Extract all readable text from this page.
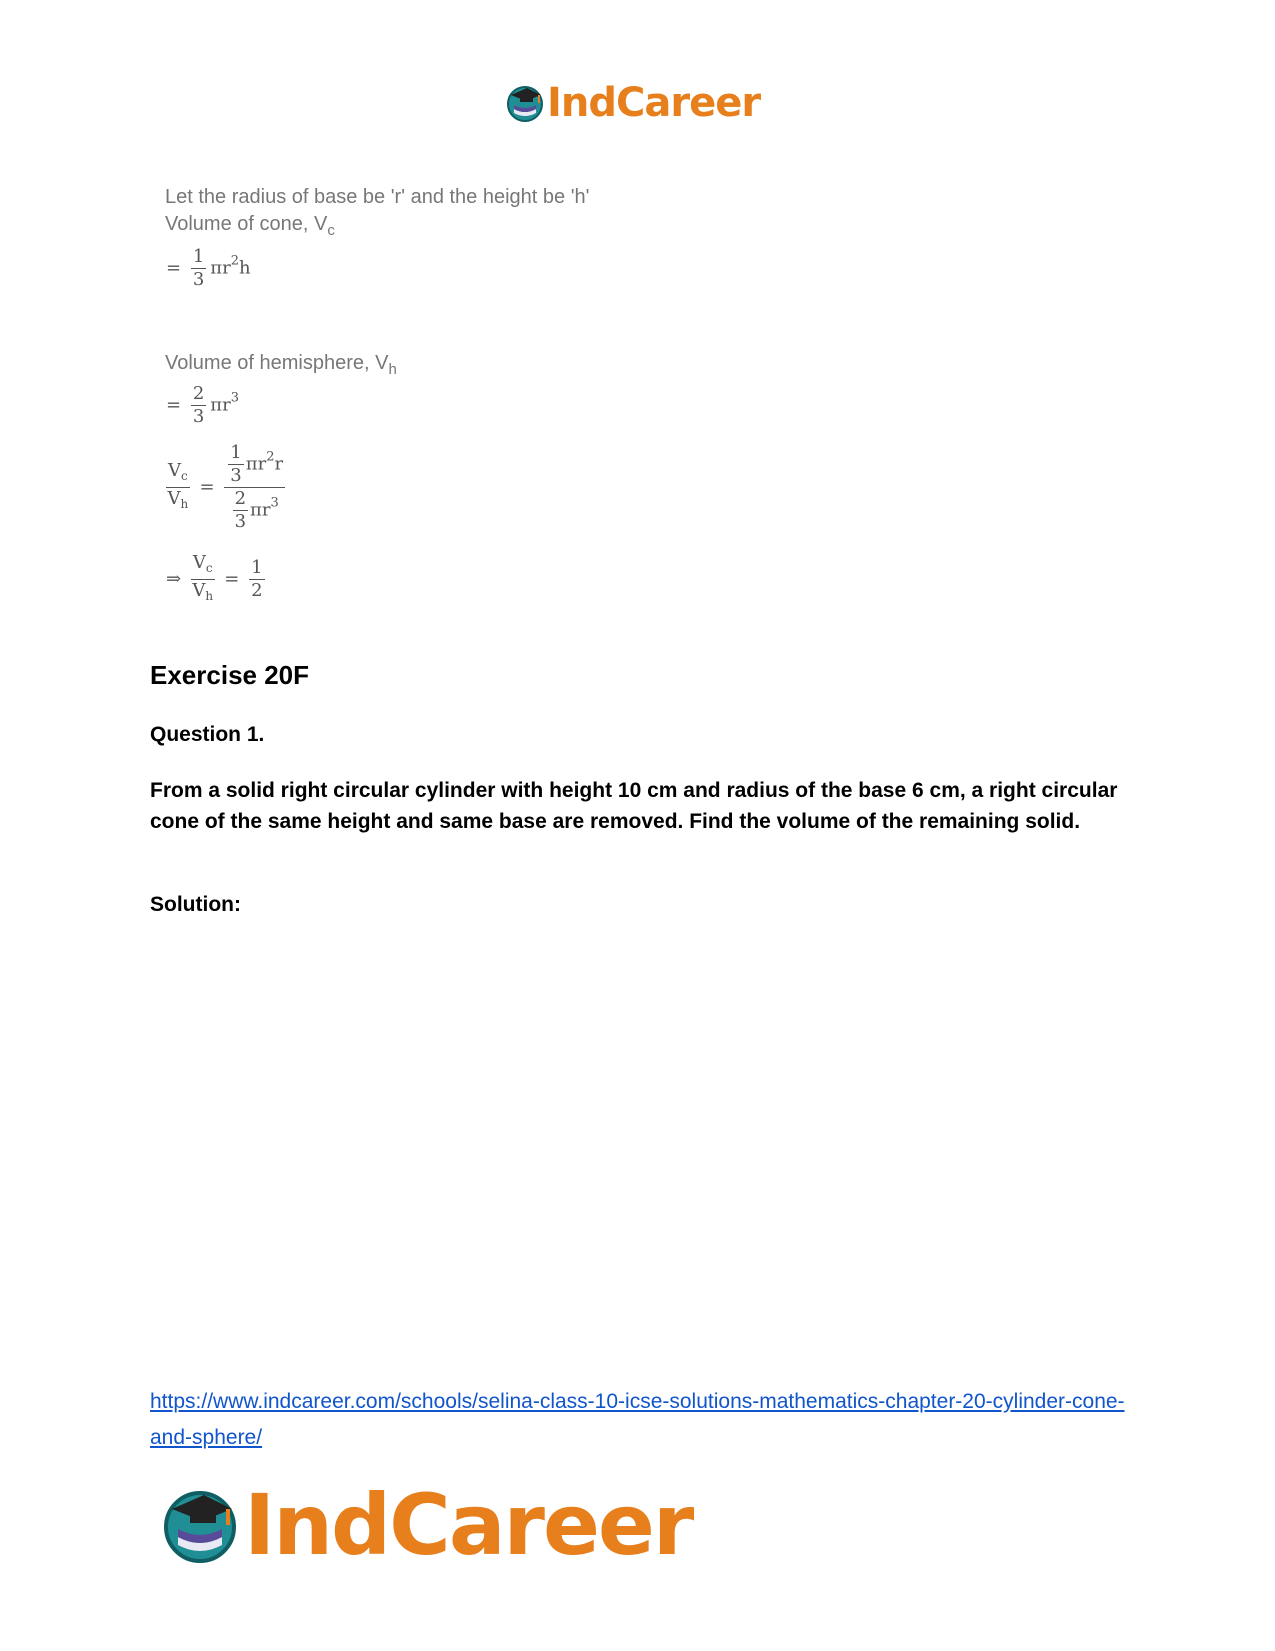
IndCareer
Let the radius of base be 'r' and the height be 'h'
Volume of cone, $V_c$
= $\frac{1}{3} \pi r^2h$
Volume of hemisphere, $V_h$
= $\frac{2}{3} \pi r^3$
$\frac{V_c}{V_h} = \frac{\frac{1}{3} \pi r^2r}{\frac{2}{3} \pi r^3}$
⇒ $\frac{V_c}{V_h} = \frac{1}{2}$
Exercise 20F
Question 1.
From a solid right circular cylinder with height 10 cm and radius of the base 6 cm, a right circular cone of the same height and same base are removed. Find the volume of the remaining solid.
Solution:
https://www.indcareer.com/schools/selina-class-10-icse-solutions-mathematics-chapter-20-cylinder-cone-and-sphere/
IndCareer
